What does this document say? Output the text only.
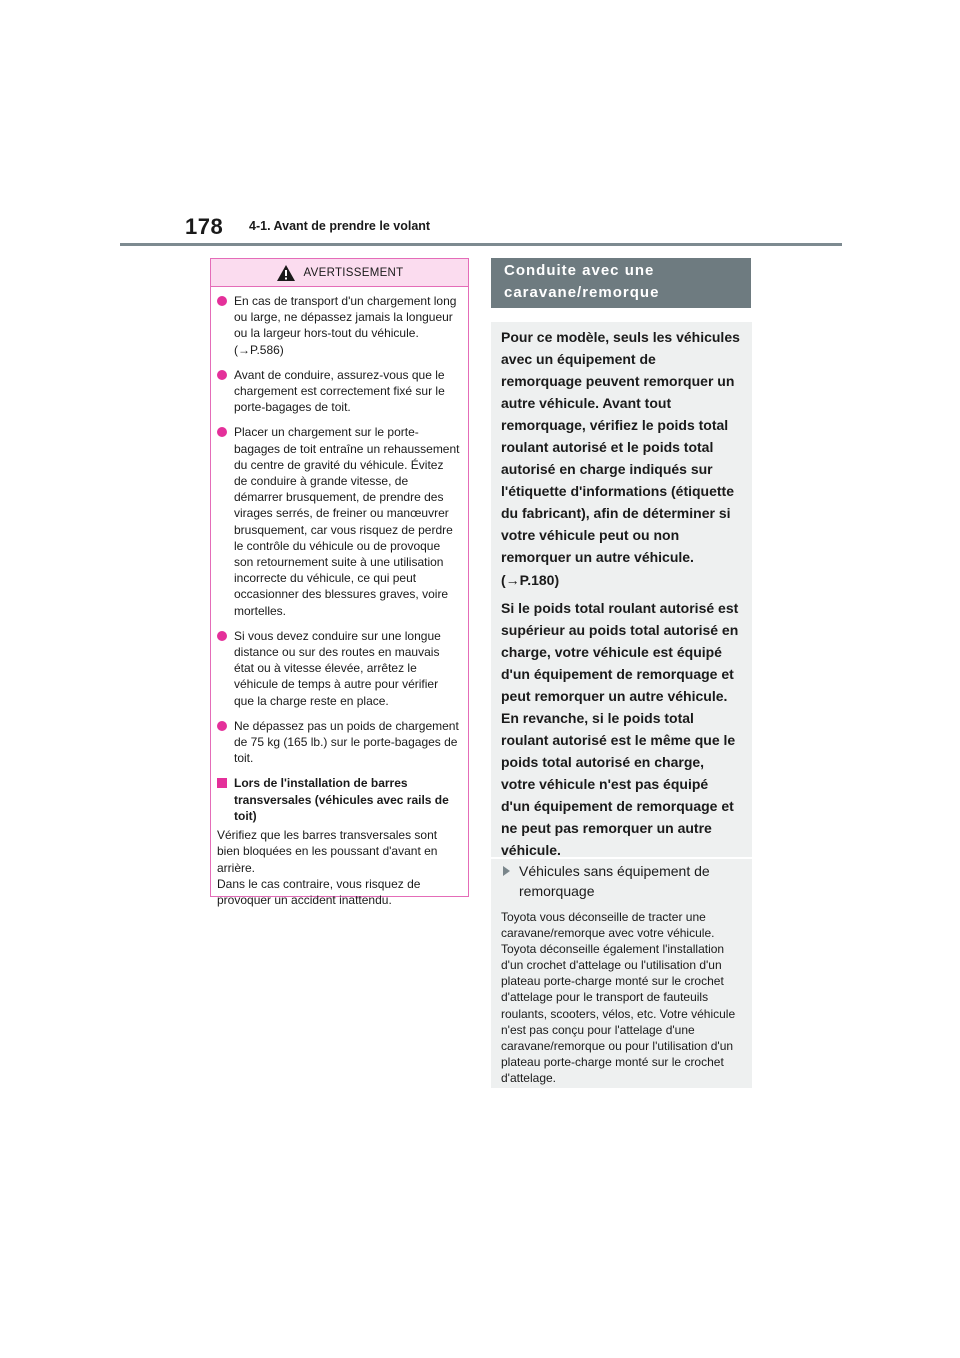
178 4-1. Avant de prendre le volant
AVERTISSEMENT
En cas de transport d'un chargement long ou large, ne dépassez jamais la longueur ou la largeur hors-tout du véhicule. (→P.586)
Avant de conduire, assurez-vous que le chargement est correctement fixé sur le porte-bagages de toit.
Placer un chargement sur le porte-bagages de toit entraîne un rehaussement du centre de gravité du véhicule. Évitez de conduire à grande vitesse, de démarrer brusquement, de prendre des virages serrés, de freiner ou manœuvrer brusquement, car vous risquez de perdre le contrôle du véhicule ou de provoque son retournement suite à une utilisation incorrecte du véhicule, ce qui peut occasionner des blessures graves, voire mortelles.
Si vous devez conduire sur une longue distance ou sur des routes en mauvais état ou à vitesse élevée, arrêtez le véhicule de temps à autre pour vérifier que la charge reste en place.
Ne dépassez pas un poids de chargement de 75 kg (165 lb.) sur le porte-bagages de toit.
Lors de l'installation de barres transversales (véhicules avec rails de toit)

Vérifiez que les barres transversales sont bien bloquées en les poussant d'avant en arrière.

Dans le cas contraire, vous risquez de provoquer un accident inattendu.

Conduite avec une caravane/remorque

Pour ce modèle, seuls les véhicules avec un équipement de remorquage peuvent remorquer un autre véhicule. Avant tout remorquage, vérifiez le poids total roulant autorisé et le poids total autorisé en charge indiqués sur l'étiquette d'informations (étiquette du fabricant), afin de déterminer si votre véhicule peut ou non remorquer un autre véhicule. (→P.180)

Si le poids total roulant autorisé est supérieur au poids total autorisé en charge, votre véhicule est équipé d'un équipement de remorquage et peut remorquer un autre véhicule. En revanche, si le poids total roulant autorisé est le même que le poids total autorisé en charge, votre véhicule n'est pas équipé d'un équipement de remorquage et ne peut pas remorquer un autre véhicule.

Véhicules sans équipement de remorquage

Toyota vous déconseille de tracter une caravane/remorque avec votre véhicule. Toyota déconseille également l'installation d'un crochet d'attelage ou l'utilisation d'un plateau porte-charge monté sur le crochet d'attelage pour le transport de fauteuils roulants, scooters, vélos, etc. Votre véhicule n'est pas conçu pour l'attelage d'une caravane/remorque ou pour l'utilisation d'un plateau porte-charge monté sur le crochet d'attelage.
